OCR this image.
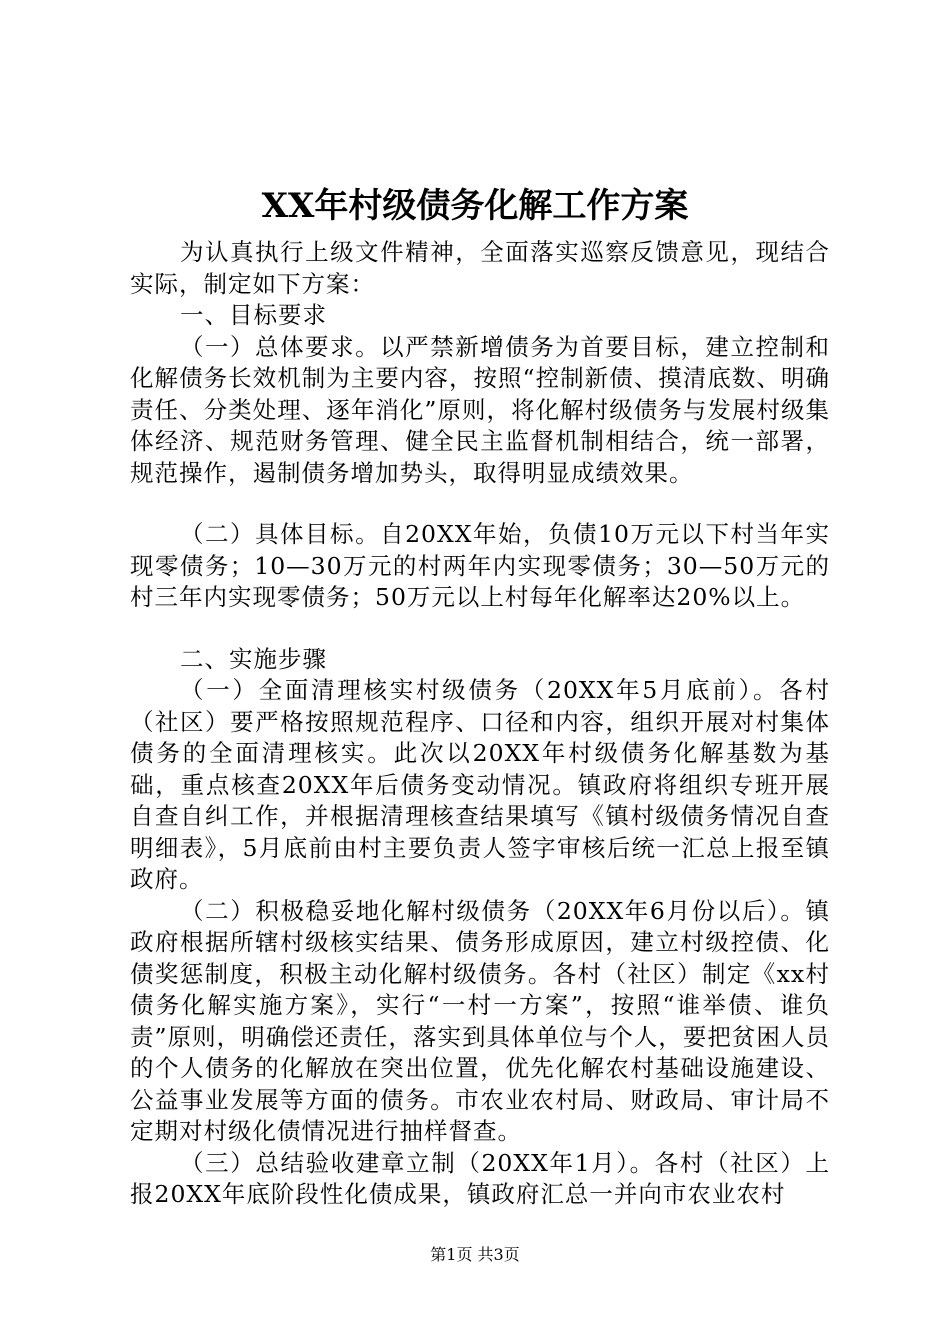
XX年村级债务化解工作方案

为认真执行上级文件精神，全面落实巡察反馈意见，现结合实际，制定如下方案：

一、目标要求

（一）总体要求。以严禁新增债务为首要目标，建立控制和化解债务长效机制为主要内容，按照“控制新债、摸清底数、明确责任、分类处理、逐年消化”原则，将化解村级债务与发展村级集体经济、规范财务管理、健全民主监督机制相结合，统一部署，规范操作，遏制债务增加势头，取得明显成绩效果。

（二）具体目标。自20XX年始，负债10万元以下村当年实现零债务；10—30万元的村两年内实现零债务；30—50万元的村三年内实现零债务；50万元以上村每年化解率达20%以上。

二、实施步骤

（一）全面清理核实村级债务（20XX年5月底前）。各村（社区）要严格按照规范程序、口径和内容，组织开展对村集体债务的全面清理核实。此次以20XX年村级债务化解基数为基础，重点核查20XX年后债务变动情况。镇政府将组织专班开展自查自纠工作，并根据清理核查结果填写《镇村级债务情况自查明细表》，5月底前由村主要负责人签字审核后统一汇总上报至镇政府。

（二）积极稳妥地化解村级债务（20XX年6月份以后）。镇政府根据所辖村级核实结果、债务形成原因，建立村级控债、化债奖惩制度，积极主动化解村级债务。各村（社区）制定《xx村债务化解实施方案》，实行“一村一方案”，按照“谁举债、谁负责”原则，明确偿还责任，落实到具体单位与个人，要把贫困人员的个人债务的化解放在突出位置，优先化解农村基础设施建设、公益事业发展等方面的债务。市农业农村局、财政局、审计局不定期对村级化债情况进行抽样督查。

（三）总结验收建章立制（20XX年1月）。各村（社区）上报20XX年底阶段性化债成果，镇政府汇总一并向市农业农村

第1页 共3页
